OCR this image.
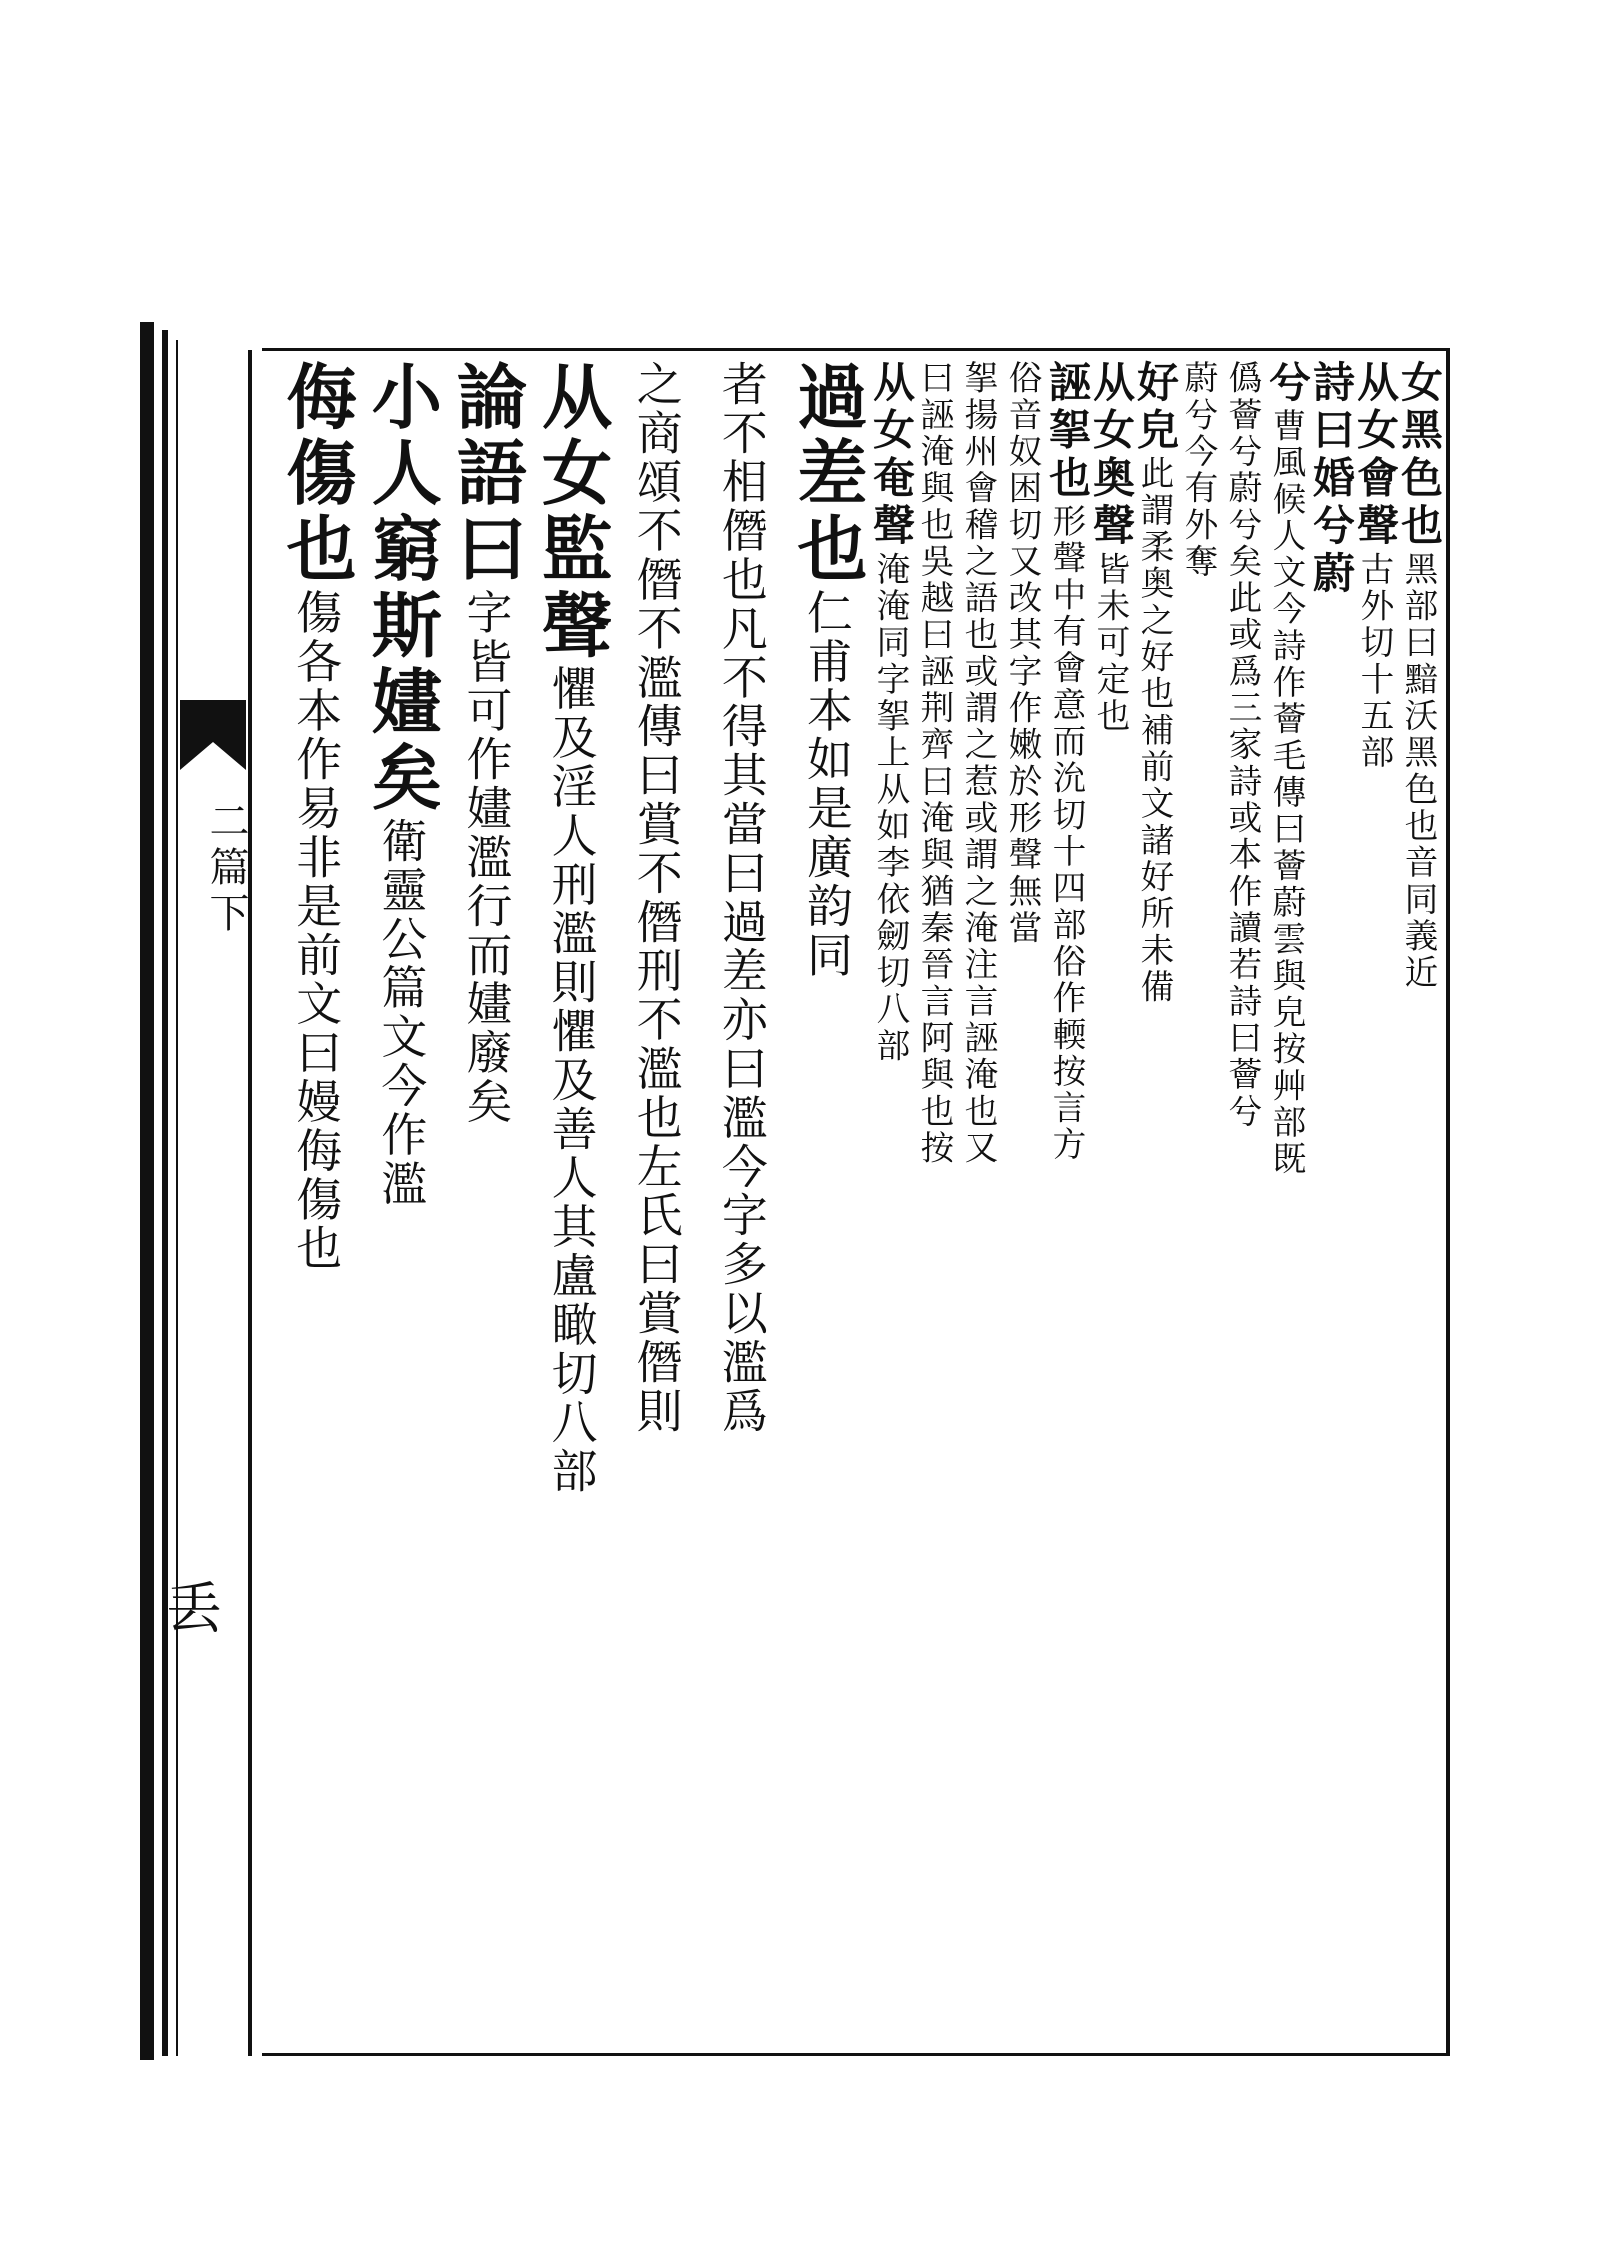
二篇下
丢
女黑色也黑部曰黯沃黑色也音同義近
从女會聲古外切十五部
詩曰婚兮蔚
兮曹風候人文今詩作薈毛傳曰薈蔚雲與皃按艸部既
僞薈兮蔚兮矣此或爲三家詩或本作讀若詩曰薈兮
蔚兮今有外奪
好皃此謂柔奥之好也補前文諸好所未備
从女奥聲皆未可定也
誣挐也形聲中有會意而沇切十四部俗作輭按言方
俗音奴困切又改其字作嫩於形聲無當
挐揚州會稽之語也或謂之惹或謂之淹注言誣淹也又
曰誣淹與也吳越曰誣荆齊曰淹與猶秦晉言阿與也按
从女奄聲淹淹同字挐上从如李依劒切八部
過差也仁甫本如是廣韵同
者不相僭也凡不得其當曰過差亦曰濫今字多以濫爲
之商頌不僭不濫傳曰賞不僭刑不濫也左氏曰賞僭則
从女監聲懼及淫人刑濫則懼及善人其盧瞰切八部
論語曰字皆可作嫿濫行而嫿廢矣
小人窮斯嫿矣衛靈公篇文今作濫
侮傷也傷各本作易非是前文曰嫚侮傷也
